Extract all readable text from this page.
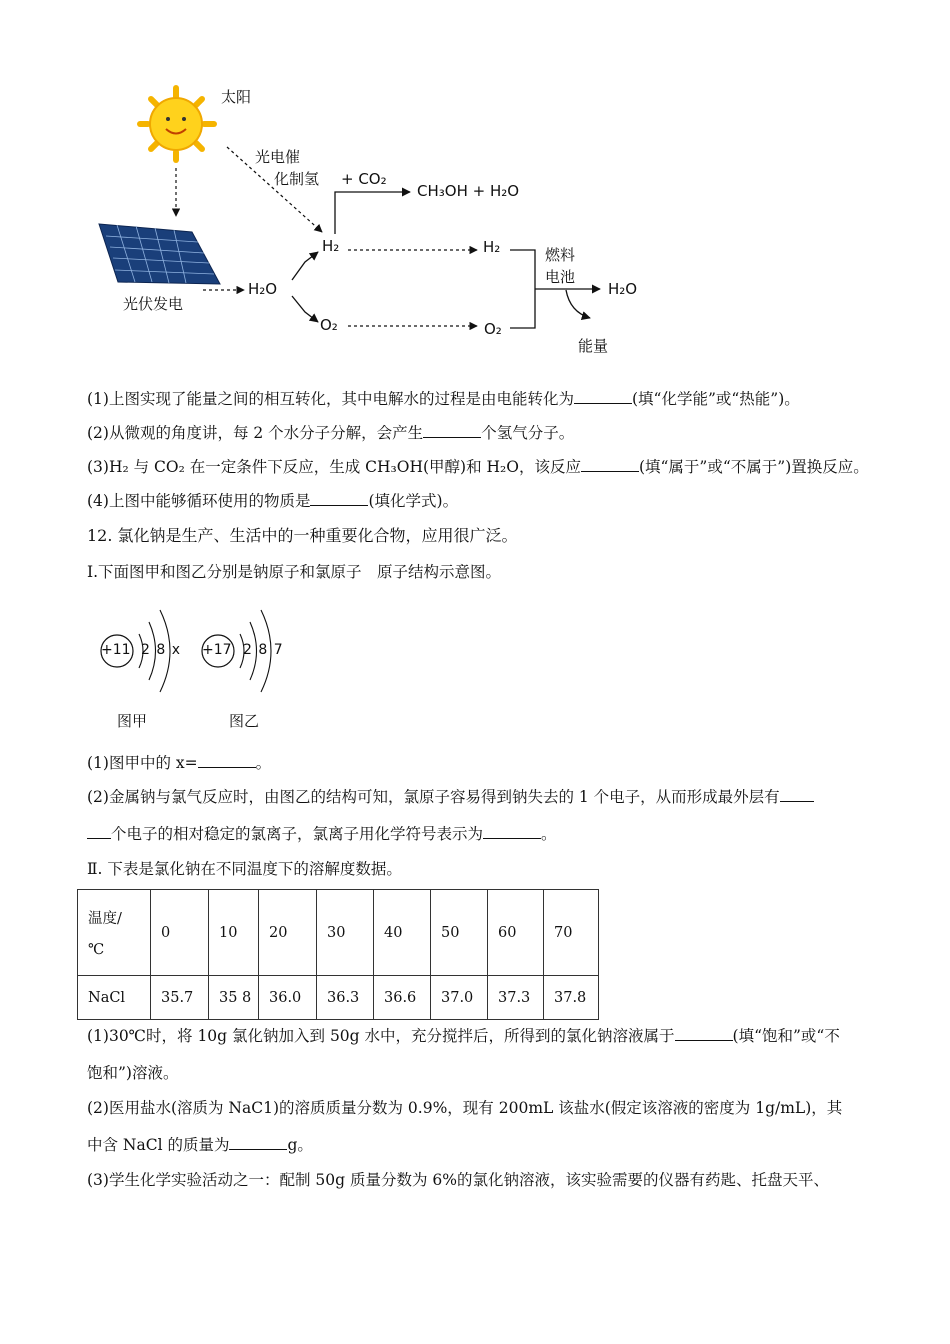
太阳
光电催
化制氢
光伏发电
H₂O
H₂
O₂
+ CO₂
CH₃OH + H₂O
H₂
O₂
燃料
电池
H₂O
能量
(1)上图实现了能量之间的相互转化，其中电解水的过程是由电能转化为	(填“化学能”或“热能”)。
(2)从微观的角度讲，每 2 个水分子分解，会产生	个氢气分子。
(3)H₂ 与 CO₂ 在一定条件下反应，生成 CH₃OH(甲醇)和 H₂O，该反应	(填“属于”或“不属于”)置换反应。
(4)上图中能够循环使用的物质是	(填化学式)。
12. 氯化钠是生产、生活中的一种重要化合物，应用很广泛。
Ⅰ.下面图甲和图乙分别是钠原子和氯原子　原子结构示意图。
+11 2 8 x
图甲
+17 2 8 7
图乙
(1)图甲中的 x=	。
(2)金属钠与氯气反应时，由图乙的结构可知，氯原子容易得到钠失去的 1 个电子，从而形成最外层有
个电子的相对稳定的氯离子，氯离子用化学符号表示为	。
Ⅱ. 下表是氯化钠在不同温度下的溶解度数据。
温度/
℃	0	10	20	30	40	50	60	70
NaCl	35.7	35 8	36.0	36.3	36.6	37.0	37.3	37.8
(1)30℃时，将 10g 氯化钠加入到 50g 水中，充分搅拌后，所得到的氯化钠溶液属于	(填“饱和”或“不
饱和”)溶液。
(2)医用盐水(溶质为 NaC1)的溶质质量分数为 0.9%，现有 200mL 该盐水(假定该溶液的密度为 1g/mL)，其
中含 NaCl 的质量为	g。
(3)学生化学实验活动之一：配制 50g 质量分数为 6%的氯化钠溶液，该实验需要的仪器有药匙、托盘天平、
